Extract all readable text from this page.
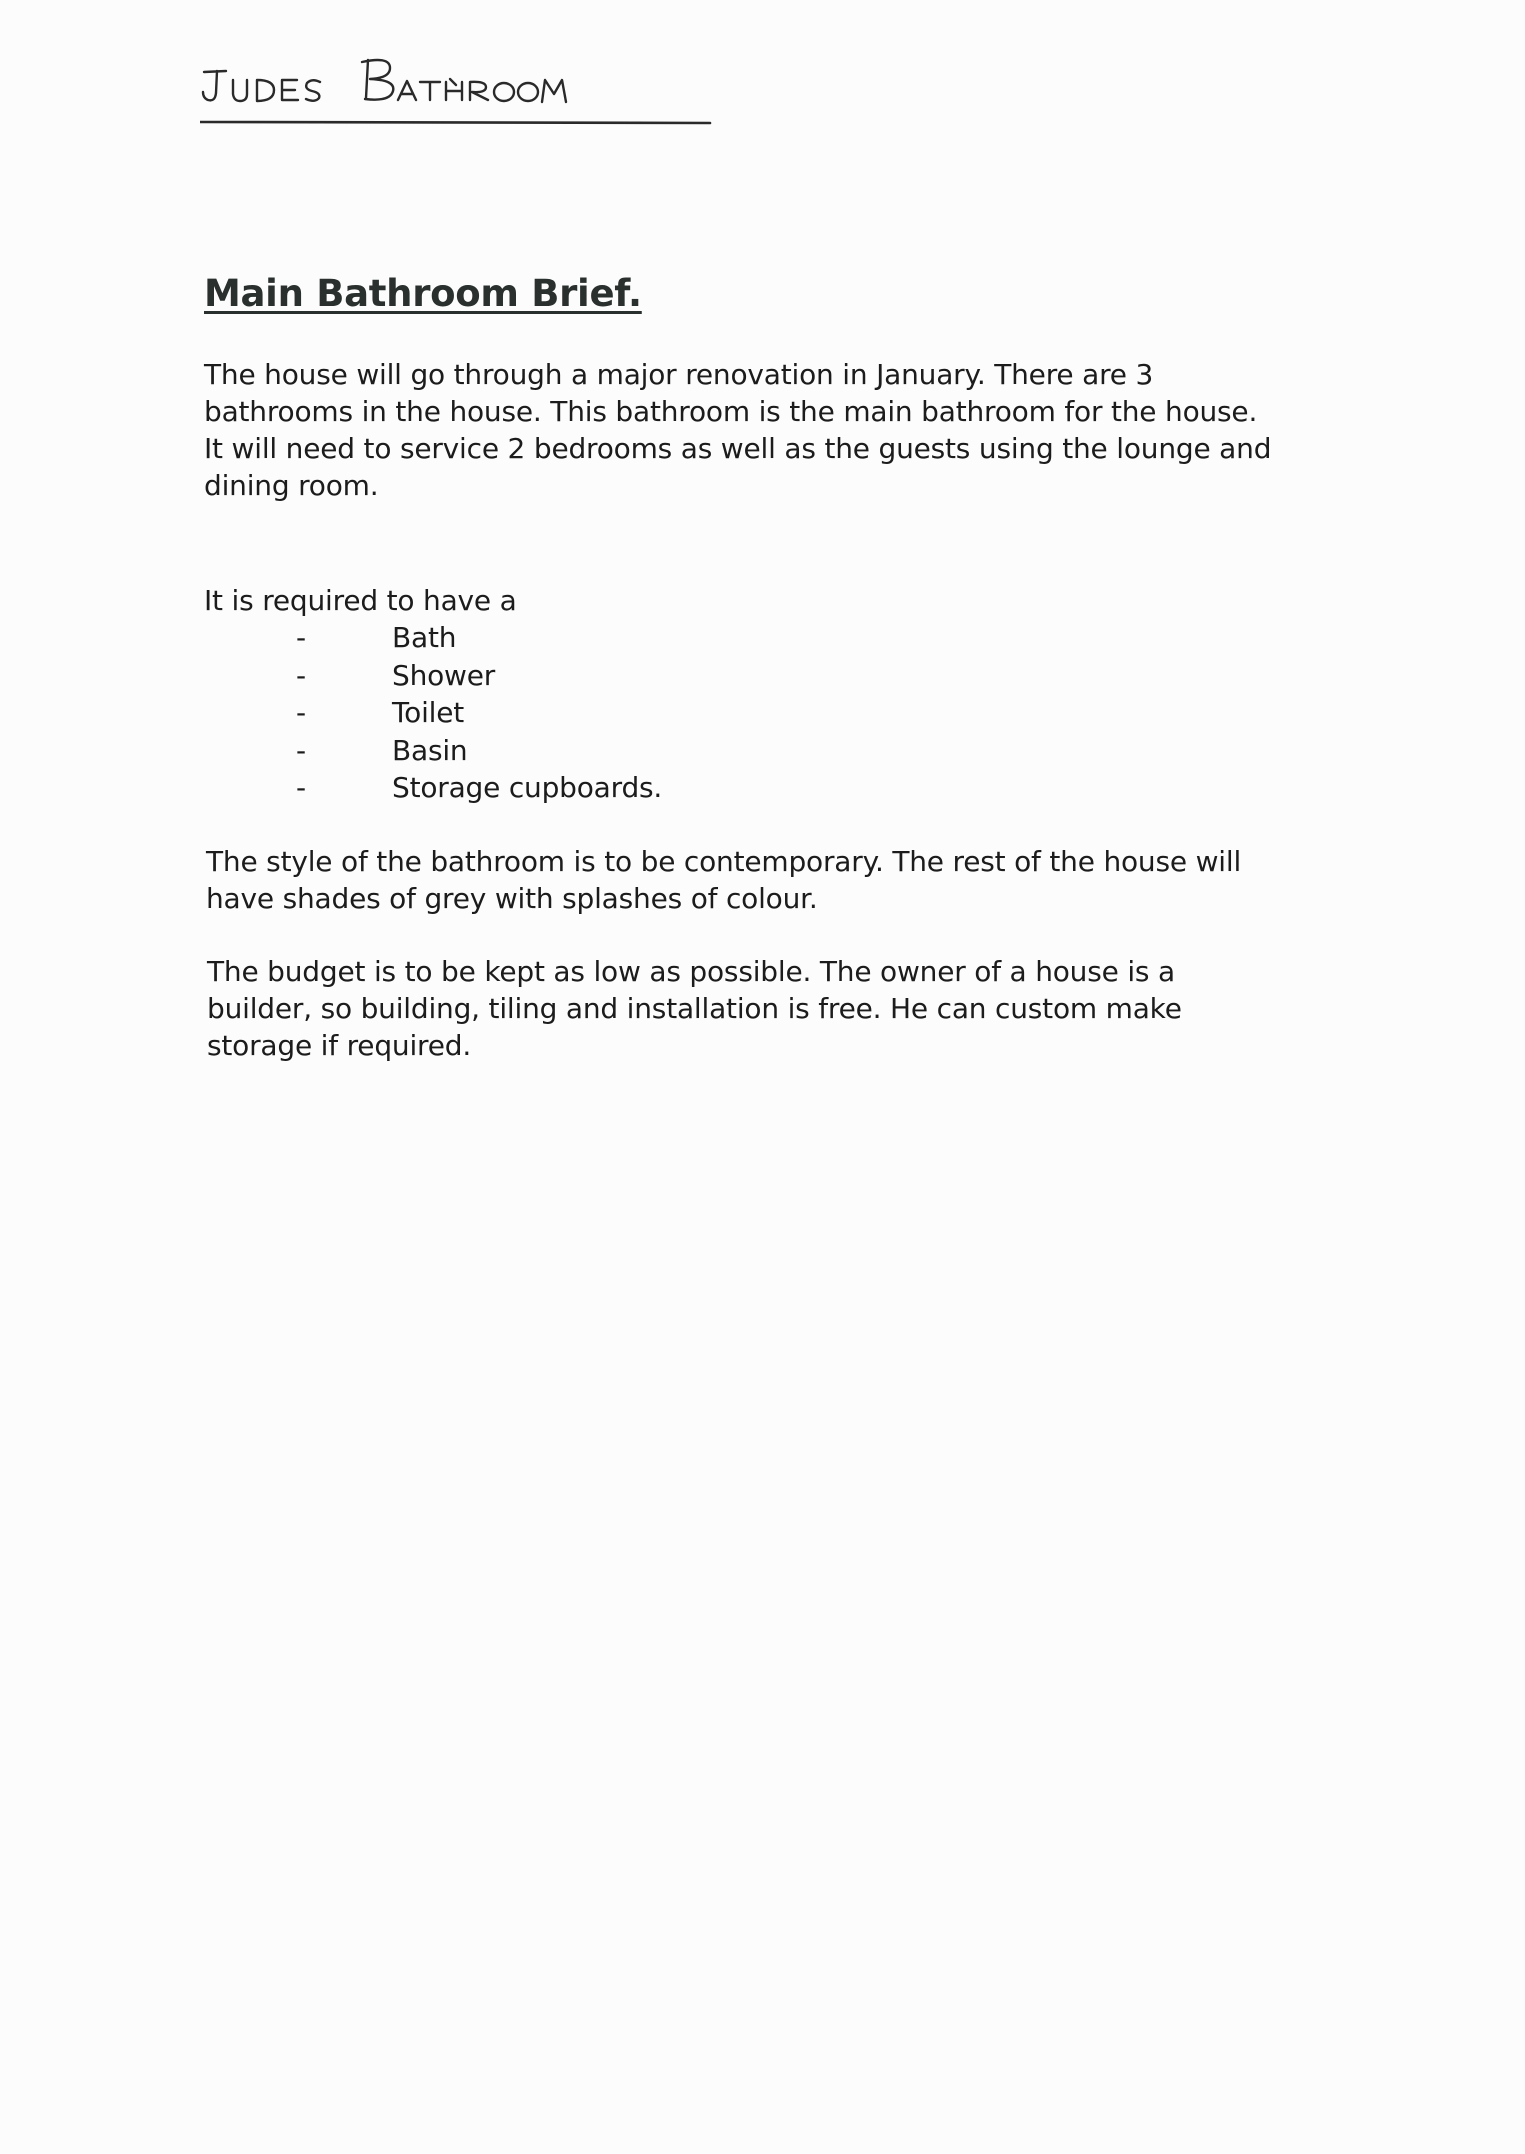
Main Bathroom Brief.

The house will go through a major renovation in January. There are 3
bathrooms in the house. This bathroom is the main bathroom for the house.
It will need to service 2 bedrooms as well as the guests using the lounge and
dining room.

It is required to have a

-	Bath
-	Shower
-	Toilet
-	Basin
-	Storage cupboards.

The style of the bathroom is to be contemporary. The rest of the house will
have shades of grey with splashes of colour.

The budget is to be kept as low as possible. The owner of a house is a
builder, so building, tiling and installation is free. He can custom make
storage if required.
